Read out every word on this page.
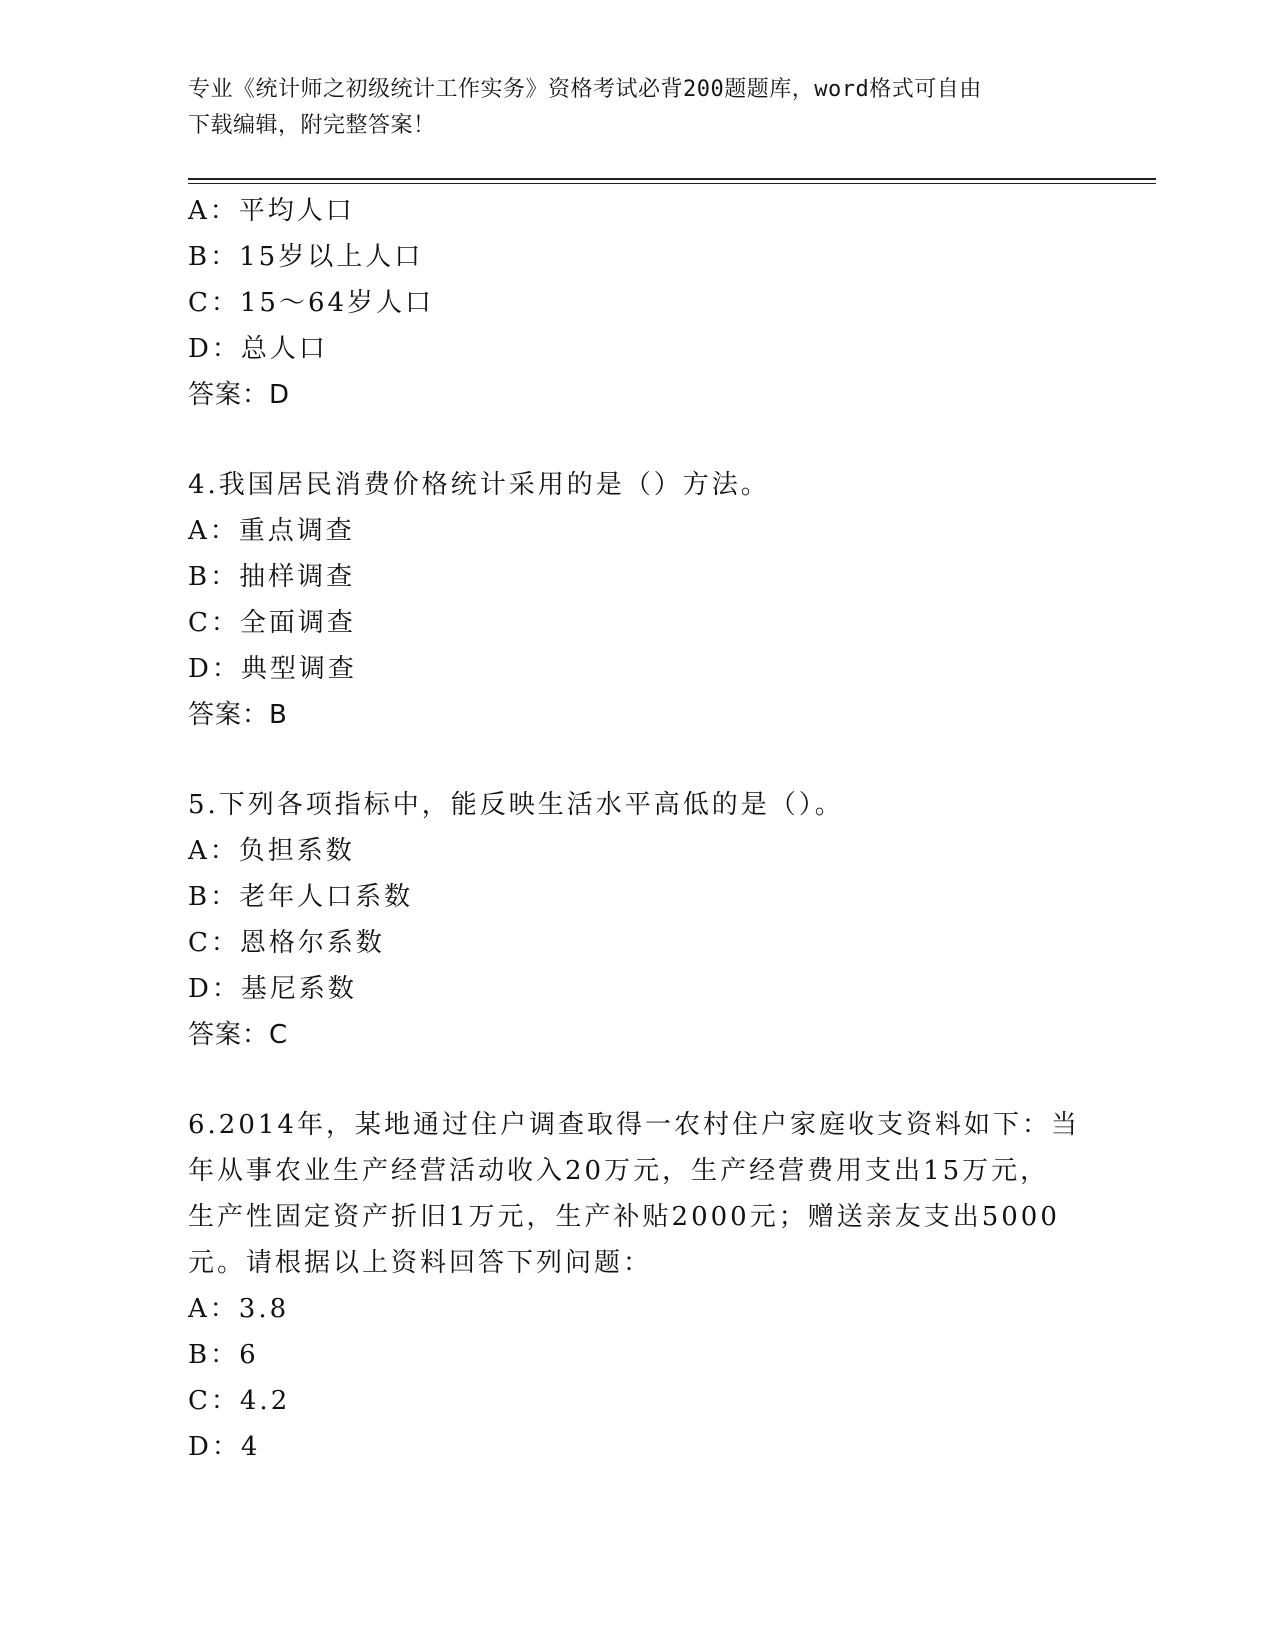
专业《统计师之初级统计工作实务》资格考试必背200题题库，word格式可自由
下载编辑，附完整答案！
A：平均人口
B：15岁以上人口
C：15～64岁人口
D：总人口
答案：D
4.我国居民消费价格统计采用的是（）方法。
A：重点调查
B：抽样调查
C：全面调查
D：典型调查
答案：B
5.下列各项指标中，能反映生活水平高低的是（）。
A：负担系数
B：老年人口系数
C：恩格尔系数
D：基尼系数
答案：C
6.2014年，某地通过住户调查取得一农村住户家庭收支资料如下：当
年从事农业生产经营活动收入20万元，生产经营费用支出15万元，
生产性固定资产折旧1万元，生产补贴2000元；赠送亲友支出5000
元。请根据以上资料回答下列问题：
A：3.8
B：6
C：4.2
D：4
